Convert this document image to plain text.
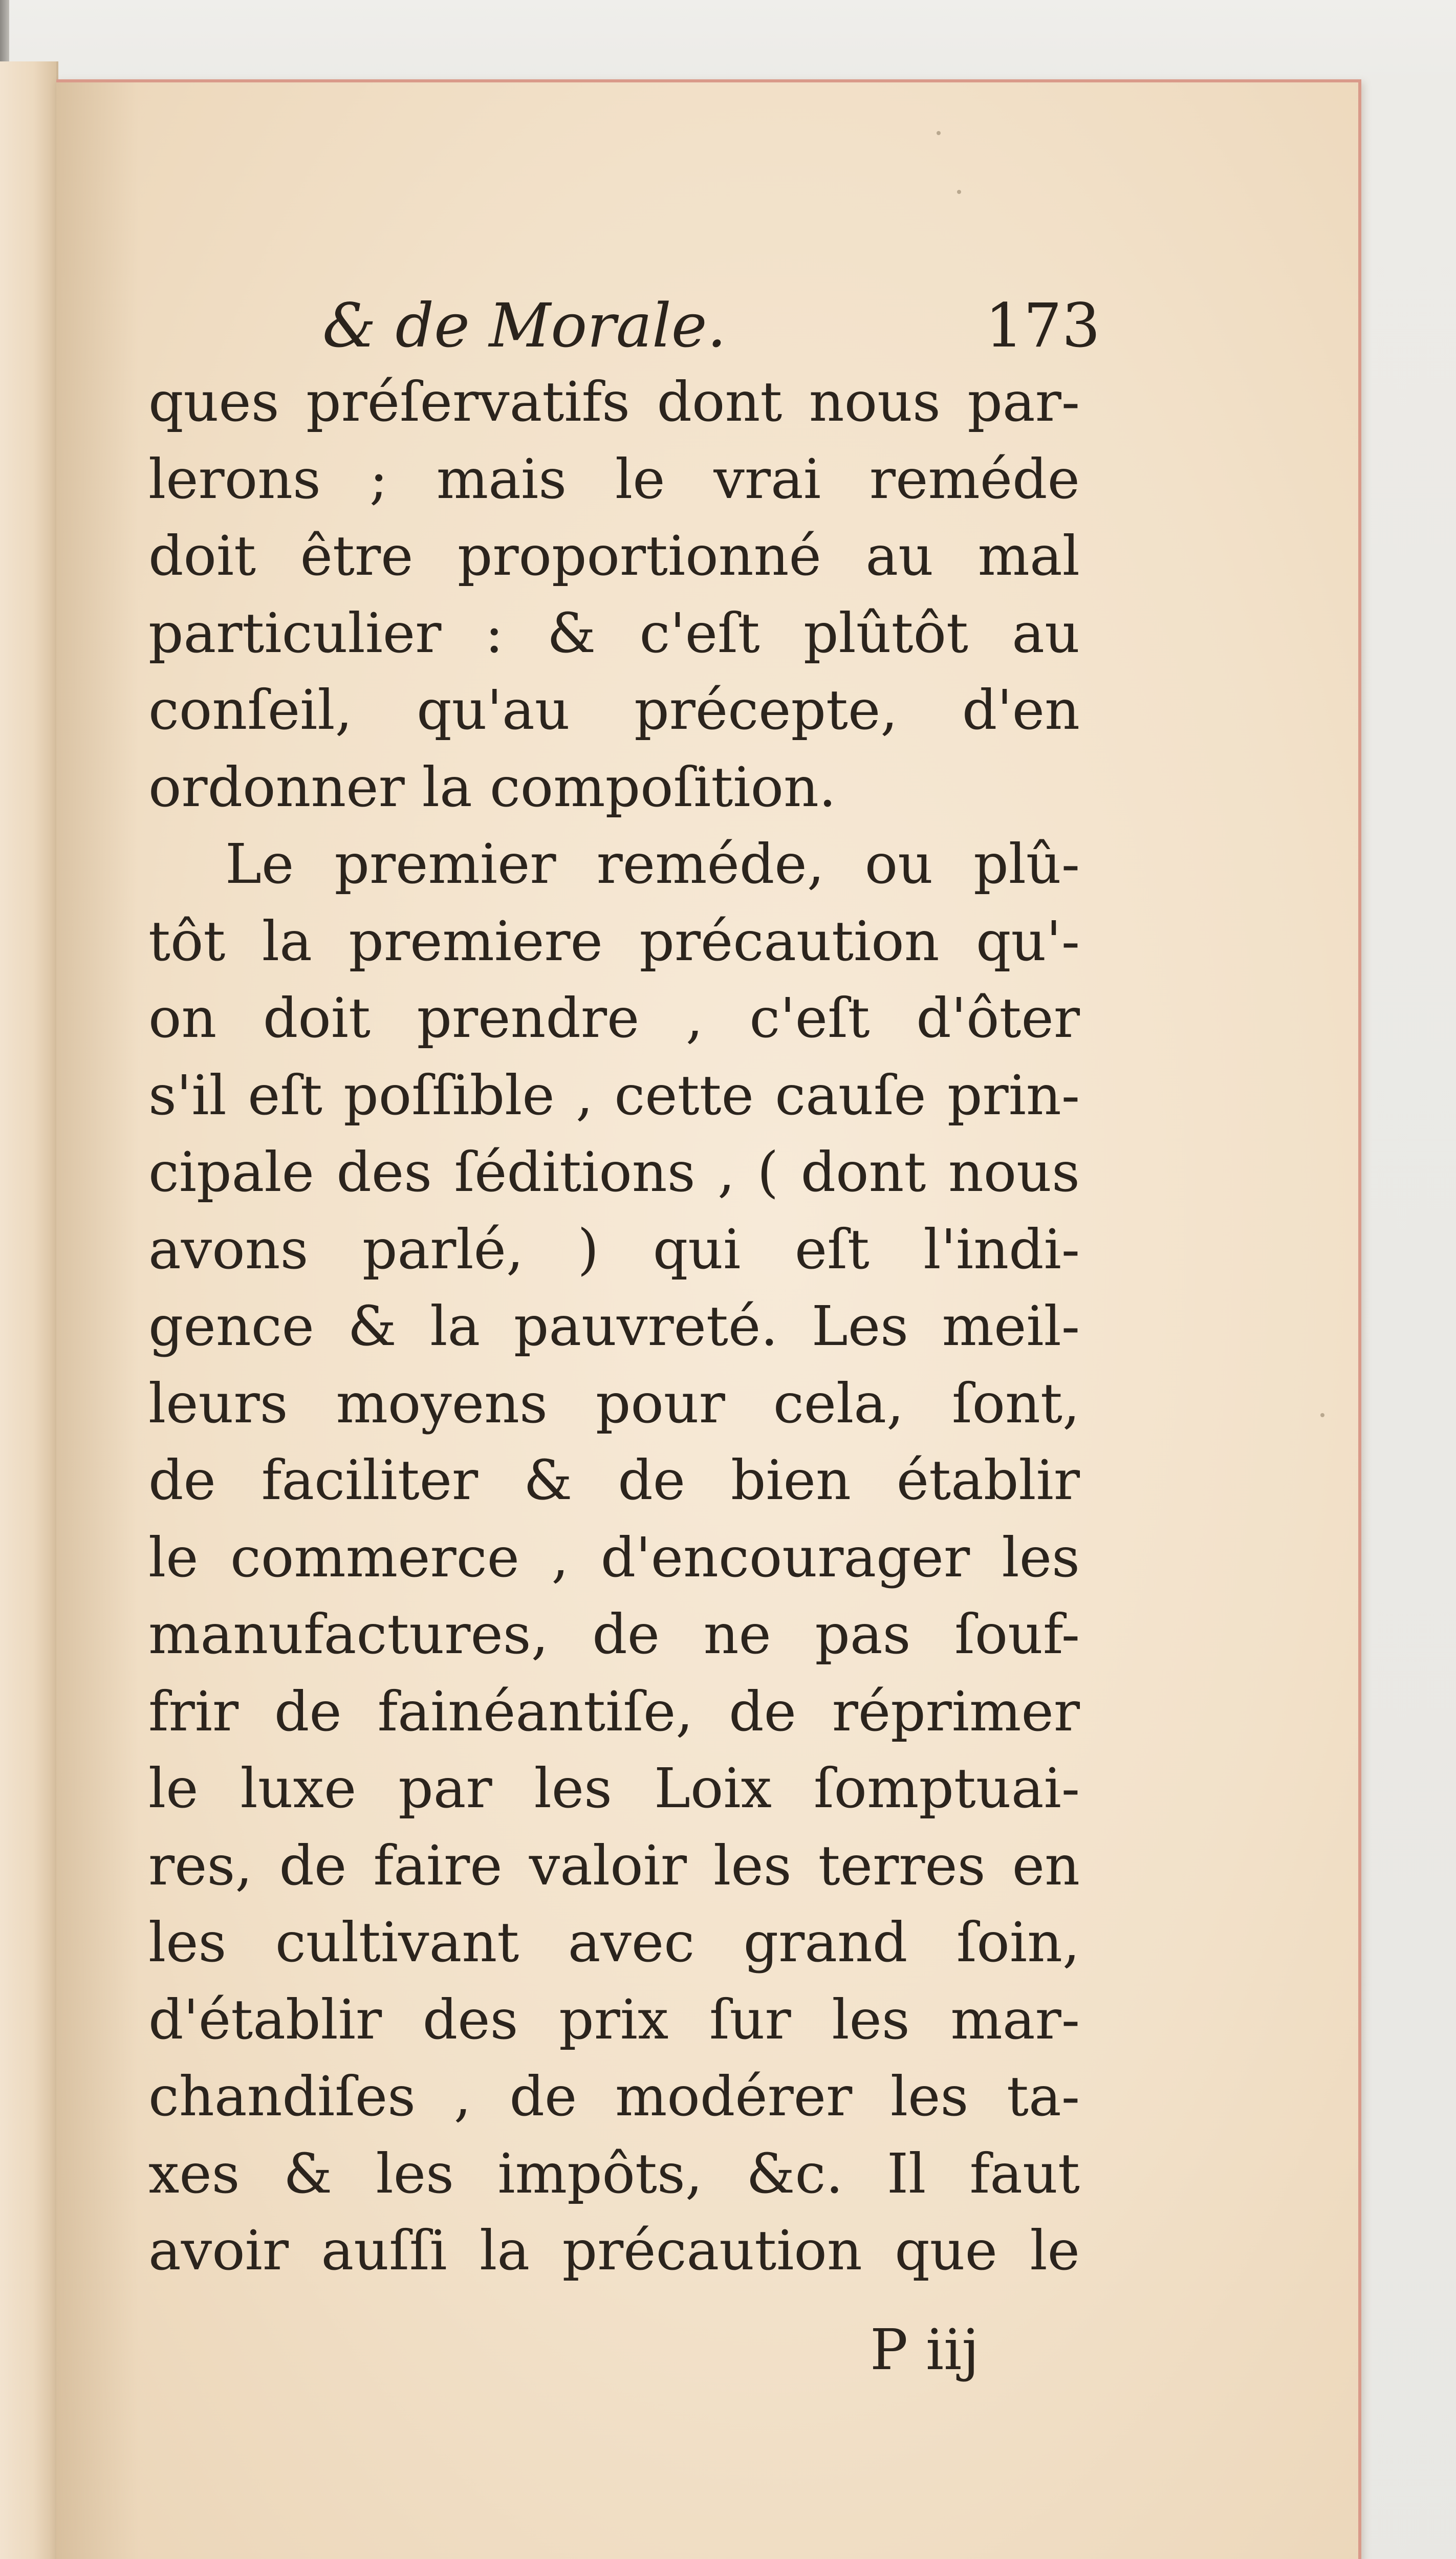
& de Morale.	173
ques préſervatifs dont nous par-
lerons ; mais le vrai reméde
doit être proportionné au mal
particulier : & c'eſt plûtôt au
conſeil, qu'au précepte, d'en
ordonner la compoſition.
Le premier reméde, ou plû-
tôt la premiere précaution qu'-
on doit prendre , c'eſt d'ôter
s'il eſt poſſible , cette cauſe prin-
cipale des ſéditions , ( dont nous
avons parlé, ) qui eſt l'indi-
gence & la pauvreté. Les meil-
leurs moyens pour cela, ſont,
de faciliter & de bien établir
le commerce , d'encourager les
manufactures, de ne pas ſouf-
frir de fainéantiſe, de réprimer
le luxe par les Loix ſomptuai-
res, de faire valoir les terres en
les cultivant avec grand ſoin,
d'établir des prix ſur les mar-
chandiſes , de modérer les ta-
xes & les impôts, &c. Il faut
avoir auſſi la précaution que le
P iij
